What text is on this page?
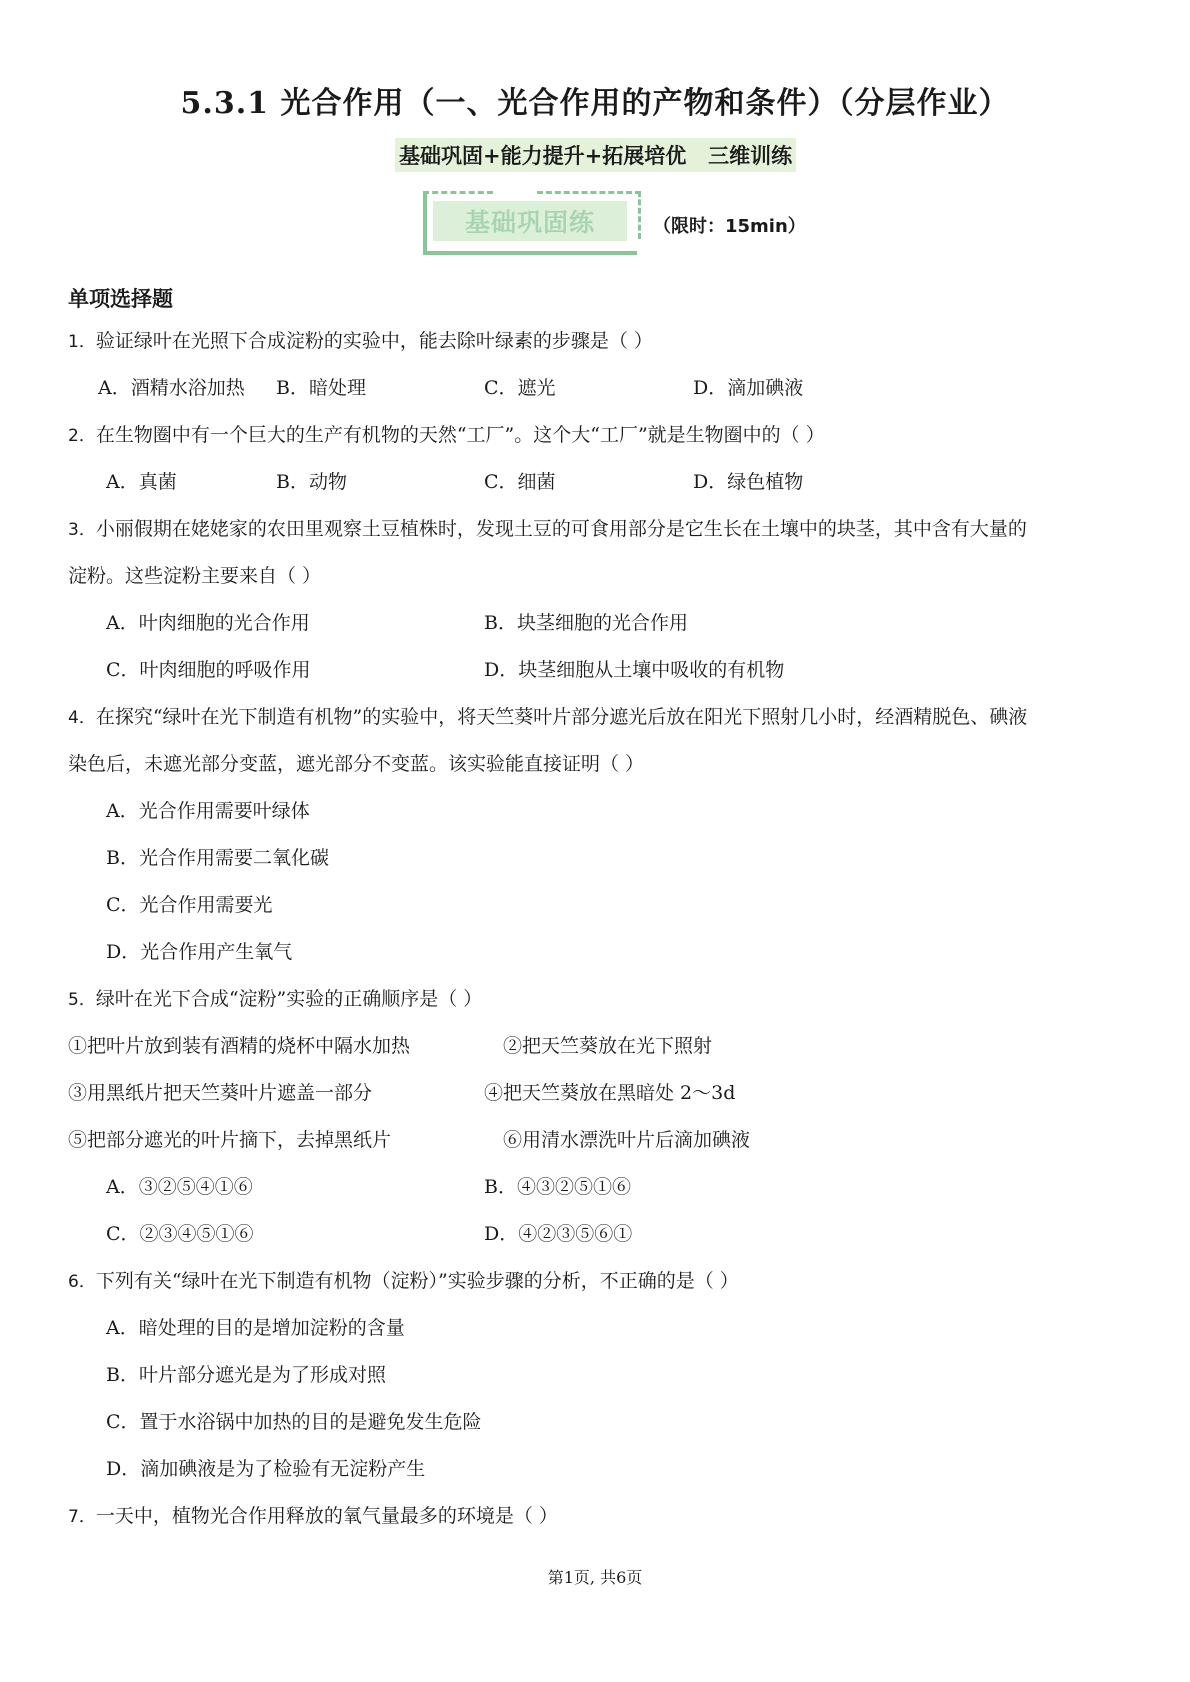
5.3.1 光合作用（一、光合作用的产物和条件）（分层作业）
基础巩固+能力提升+拓展培优   三维训练
基础巩固练	（限时：15min）
单项选择题
1．验证绿叶在光照下合成淀粉的实验中，能去除叶绿素的步骤是（ ）
A．酒精水浴加热 B．暗处理	C．遮光	D．滴加碘液
2．在生物圈中有一个巨大的生产有机物的天然“工厂”。这个大“工厂”就是生物圈中的（ ）
A．真菌	B．动物	C．细菌	D．绿色植物
3．小丽假期在姥姥家的农田里观察土豆植株时，发现土豆的可食用部分是它生长在土壤中的块茎，其中含有大量的
淀粉。这些淀粉主要来自（ ）
A．叶肉细胞的光合作用	B．块茎细胞的光合作用
C．叶肉细胞的呼吸作用	D．块茎细胞从土壤中吸收的有机物
4．在探究“绿叶在光下制造有机物”的实验中，将天竺葵叶片部分遮光后放在阳光下照射几小时，经酒精脱色、碘液
染色后，未遮光部分变蓝，遮光部分不变蓝。该实验能直接证明（ ）
A．光合作用需要叶绿体
B．光合作用需要二氧化碳
C．光合作用需要光
D．光合作用产生氧气
5．绿叶在光下合成“淀粉”实验的正确顺序是（ ）
①把叶片放到装有酒精的烧杯中隔水加热	②把天竺葵放在光下照射
③用黑纸片把天竺葵叶片遮盖一部分	④把天竺葵放在黑暗处 2～3d
⑤把部分遮光的叶片摘下，去掉黑纸片	⑥用清水漂洗叶片后滴加碘液
A．③②⑤④①⑥	B．④③②⑤①⑥
C．②③④⑤①⑥	D．④②③⑤⑥①
6．下列有关“绿叶在光下制造有机物（淀粉）”实验步骤的分析，不正确的是（ ）
A．暗处理的目的是增加淀粉的含量
B．叶片部分遮光是为了形成对照
C．置于水浴锅中加热的目的是避免发生危险
D．滴加碘液是为了检验有无淀粉产生
7．一天中，植物光合作用释放的氧气量最多的环境是（ ）
第1页, 共6页
